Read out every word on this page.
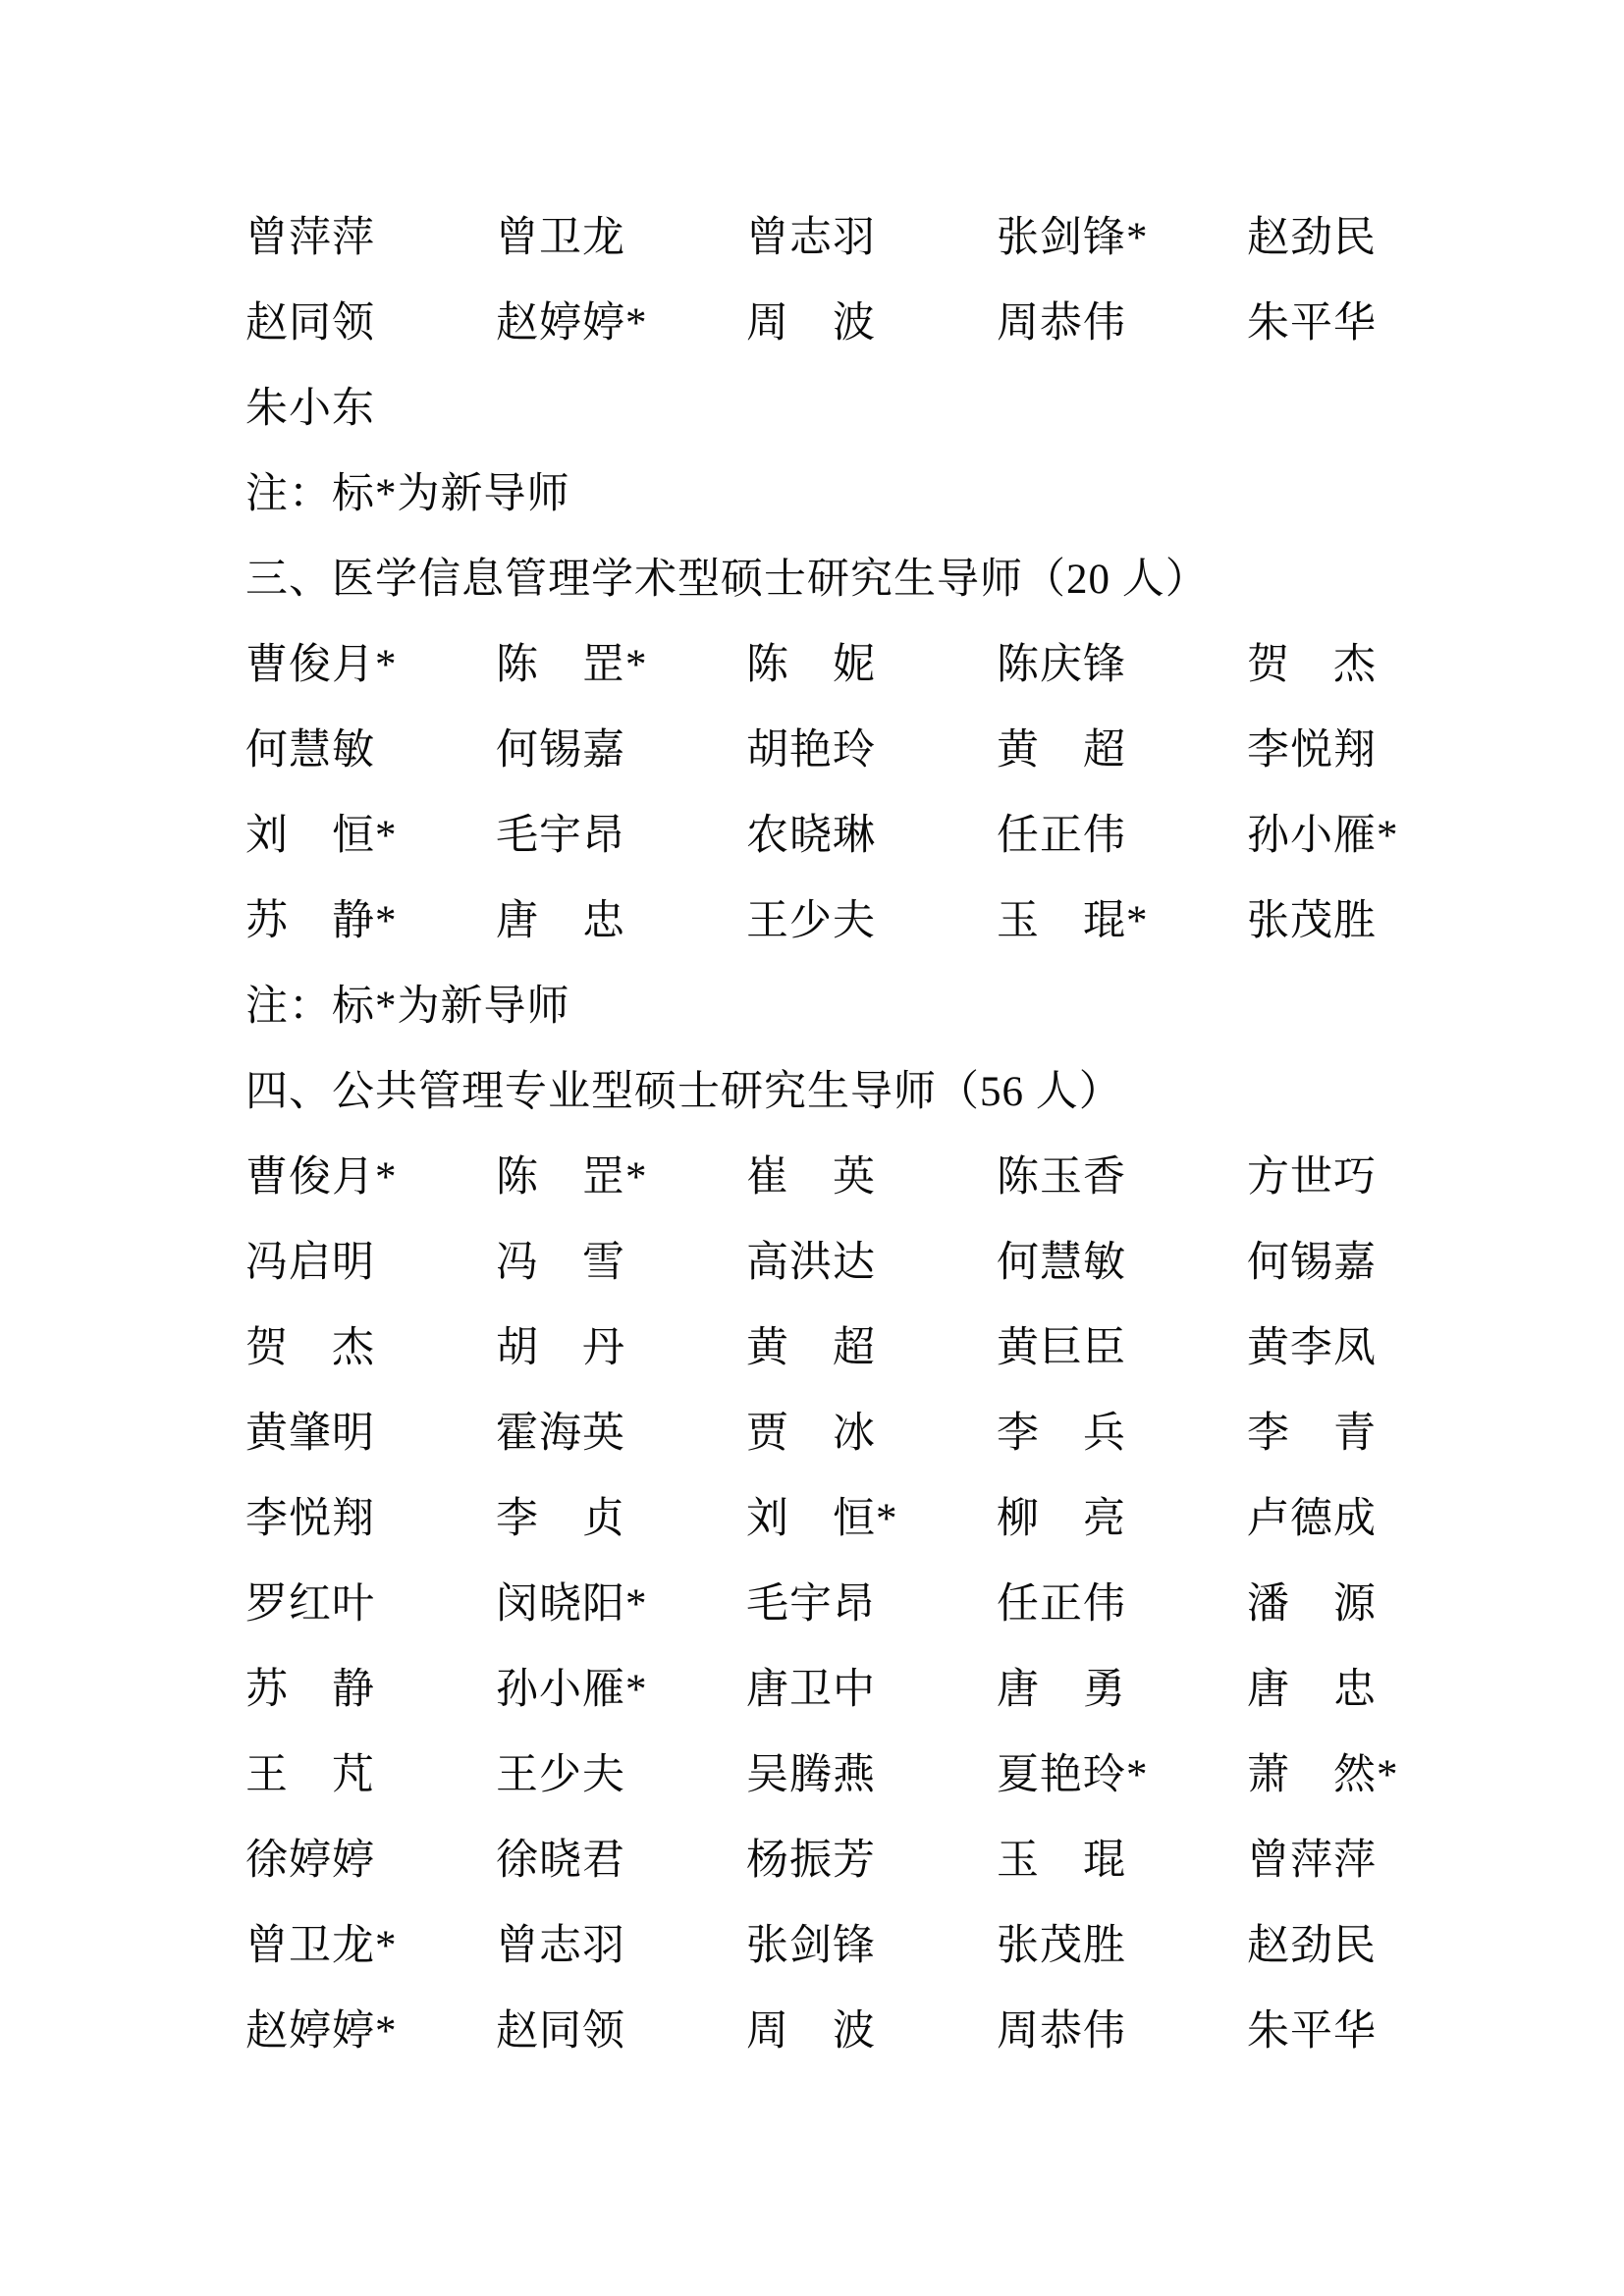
曾萍萍	曾卫龙	曾志羽	张剑锋*	赵劲民
赵同领	赵婷婷*	周　波	周恭伟	朱平华
朱小东
注：标*为新导师
三、医学信息管理学术型硕士研究生导师（20 人）
曹俊月*	陈　罡*	陈　妮	陈庆锋	贺　杰
何慧敏	何锡嘉	胡艳玲	黄　超	李悦翔
刘　恒*	毛宇昂	农晓琳	任正伟	孙小雁*
苏　静*	唐　忠	王少夫	玉　琨*	张茂胜
注：标*为新导师
四、公共管理专业型硕士研究生导师（56 人）
曹俊月*	陈　罡*	崔　英	陈玉香	方世巧
冯启明	冯　雪	高洪达	何慧敏	何锡嘉
贺　杰	胡　丹	黄　超	黄巨臣	黄李凤
黄肇明	霍海英	贾　冰	李　兵	李　青
李悦翔	李　贞	刘　恒*	柳　亮	卢德成
罗红叶	闵晓阳*	毛宇昂	任正伟	潘　源
苏　静	孙小雁*	唐卫中	唐　勇	唐　忠
王　芃	王少夫	吴腾燕	夏艳玲*	萧　然*
徐婷婷	徐晓君	杨振芳	玉　琨	曾萍萍
曾卫龙*	曾志羽	张剑锋	张茂胜	赵劲民
赵婷婷*	赵同领	周　波	周恭伟	朱平华
